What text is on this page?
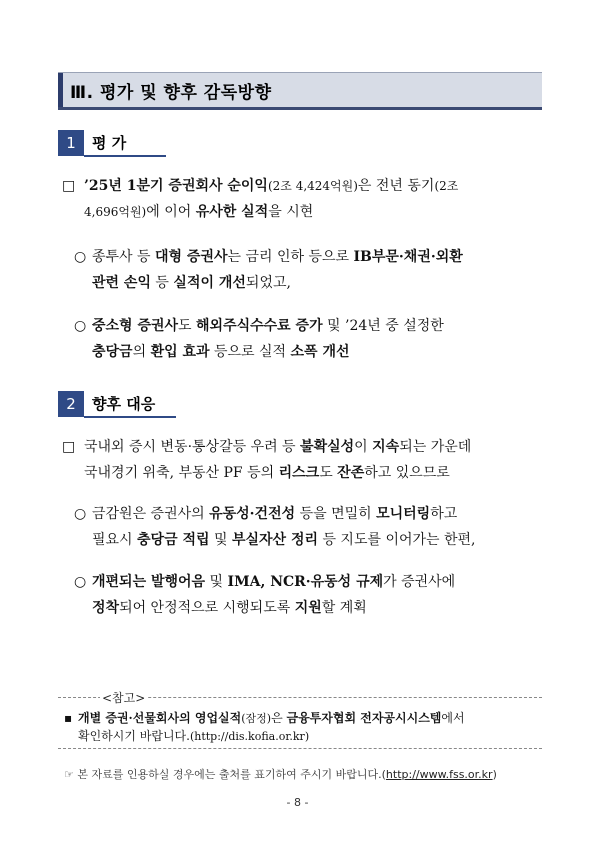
Ⅲ. 평가 및 향후 감독방향
1	평 가
□ ’25년 1분기 증권회사 순이익(2조 4,424억원)은 전년 동기(2조
4,696억원)에 이어 유사한 실적을 시현
○ 종투사 등 대형 증권사는 금리 인하 등으로 IB부문·채권·외환
관련 손익 등 실적이 개선되었고,
○ 중소형 증권사도 해외주식수수료 증가 및 ’24년 중 설정한
충당금의 환입 효과 등으로 실적 소폭 개선
2	향후 대응
□ 국내외 증시 변동·통상갈등 우려 등 불확실성이 지속되는 가운데
국내경기 위축, 부동산 PF 등의 리스크도 잔존하고 있으므로
○ 금감원은 증권사의 유동성·건전성 등을 면밀히 모니터링하고
필요시 충당금 적립 및 부실자산 정리 등 지도를 이어가는 한편,
○ 개편되는 발행어음 및 IMA, NCR·유동성 규제가 증권사에
정착되어 안정적으로 시행되도록 지원할 계획
<참고>
▪ 개별 증권·선물회사의 영업실적(잠정)은 금융투자협회 전자공시시스템에서
확인하시기 바랍니다.(http://dis.kofia.or.kr)
☞ 본 자료를 인용하실 경우에는 출처를 표기하여 주시기 바랍니다.(http://www.fss.or.kr)
- 8 -
